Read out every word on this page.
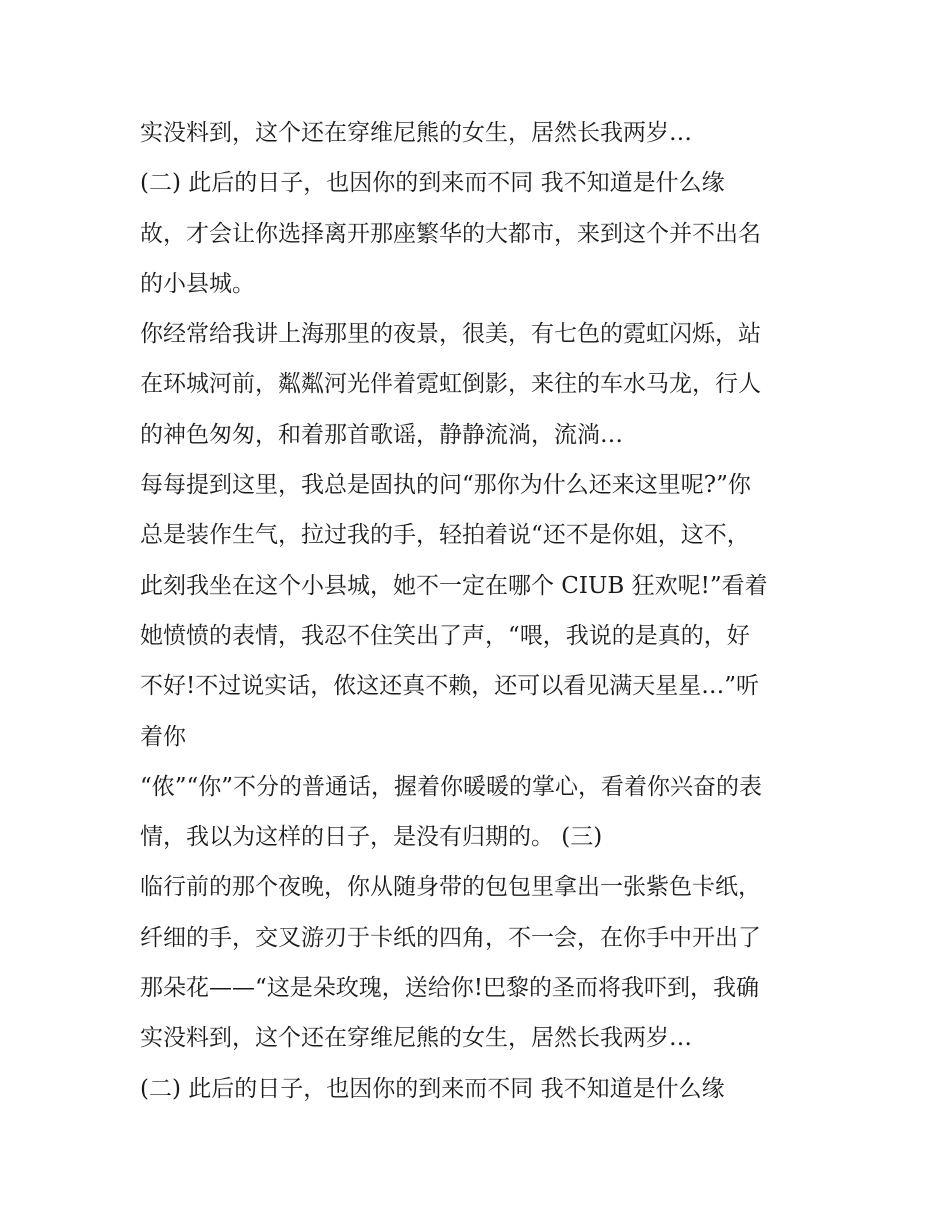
实没料到，这个还在穿维尼熊的女生，居然长我两岁…
(二) 此后的日子，也因你的到来而不同 我不知道是什么缘
故，才会让你选择离开那座繁华的大都市，来到这个并不出名
的小县城。
你经常给我讲上海那里的夜景，很美，有七色的霓虹闪烁，站
在环城河前，粼粼河光伴着霓虹倒影，来往的车水马龙，行人
的神色匆匆，和着那首歌谣，静静流淌，流淌…
每每提到这里，我总是固执的问“那你为什么还来这里呢?”你
总是装作生气，拉过我的手，轻拍着说“还不是你姐，这不，
此刻我坐在这个小县城，她不一定在哪个 CIUB 狂欢呢!”看着
她愤愤的表情，我忍不住笑出了声，“喂，我说的是真的，好
不好!不过说实话，侬这还真不赖，还可以看见满天星星…”听
着你
“侬”“你”不分的普通话，握着你暖暖的掌心，看着你兴奋的表
情，我以为这样的日子，是没有归期的。 (三)
临行前的那个夜晚，你从随身带的包包里拿出一张紫色卡纸，
纤细的手，交叉游刃于卡纸的四角，不一会，在你手中开出了
那朵花——“这是朵玫瑰，送给你!巴黎的圣而将我吓到，我确
实没料到，这个还在穿维尼熊的女生，居然长我两岁…
(二) 此后的日子，也因你的到来而不同 我不知道是什么缘
